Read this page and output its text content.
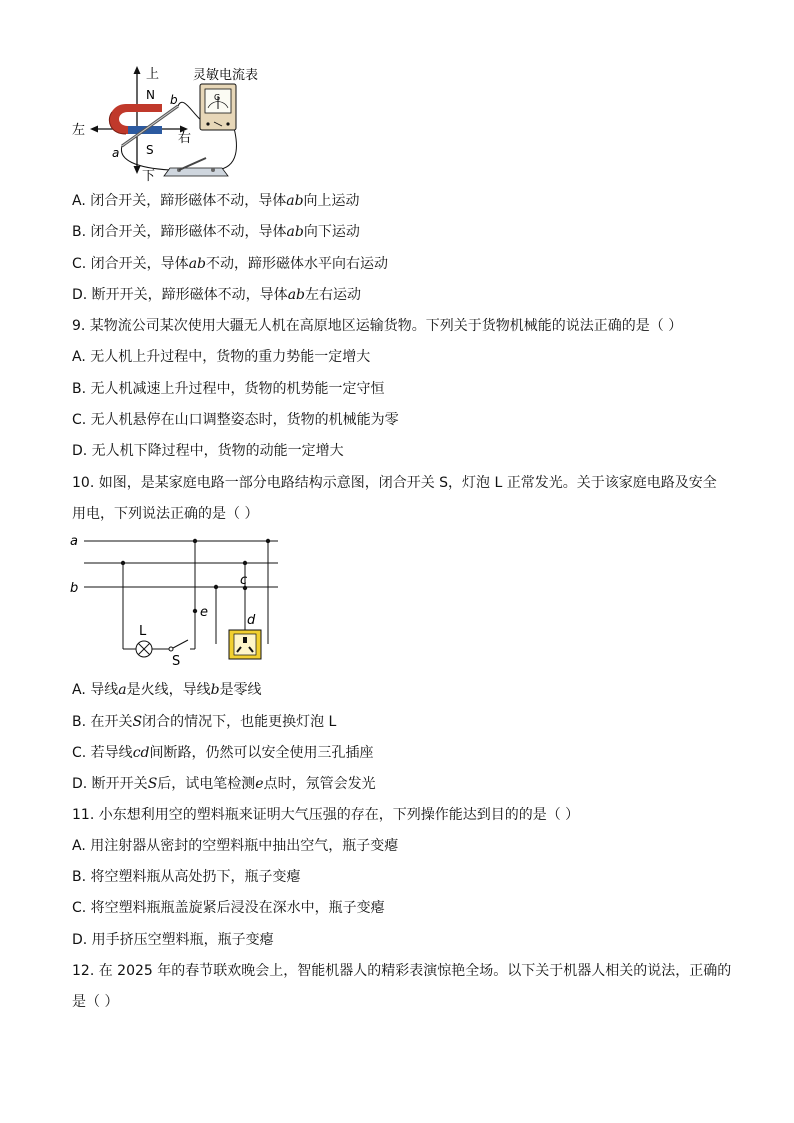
上
下
左
右
N
S
a
b	G
灵敏电流表
A. 闭合开关，蹄形磁体不动，导体ab向上运动
B. 闭合开关，蹄形磁体不动，导体ab向下运动
C. 闭合开关，导体ab不动，蹄形磁体水平向右运动
D. 断开开关，蹄形磁体不动，导体ab左右运动
9. 某物流公司某次使用大疆无人机在高原地区运输货物。下列关于货物机械能的说法正确的是（ ）
A. 无人机上升过程中，货物的重力势能一定增大
B. 无人机减速上升过程中，货物的机势能一定守恒
C. 无人机悬停在山口调整姿态时，货物的机械能为零
D. 无人机下降过程中，货物的动能一定增大
10. 如图，是某家庭电路一部分电路结构示意图，闭合开关 S，灯泡 L 正常发光。关于该家庭电路及安全
用电，下列说法正确的是（ ）
a
b
L
S
e
c
d
A. 导线a是火线，导线b是零线
B. 在开关S闭合的情况下，也能更换灯泡 L
C. 若导线cd间断路，仍然可以安全使用三孔插座
D. 断开开关S后，试电笔检测e点时，氖管会发光
11. 小东想利用空的塑料瓶来证明大气压强的存在，下列操作能达到目的的是（ ）
A. 用注射器从密封的空塑料瓶中抽出空气，瓶子变瘪
B. 将空塑料瓶从高处扔下，瓶子变瘪
C. 将空塑料瓶瓶盖旋紧后浸没在深水中，瓶子变瘪
D. 用手挤压空塑料瓶，瓶子变瘪
12. 在 2025 年的春节联欢晚会上，智能机器人的精彩表演惊艳全场。以下关于机器人相关的说法，正确的
是（ ）
